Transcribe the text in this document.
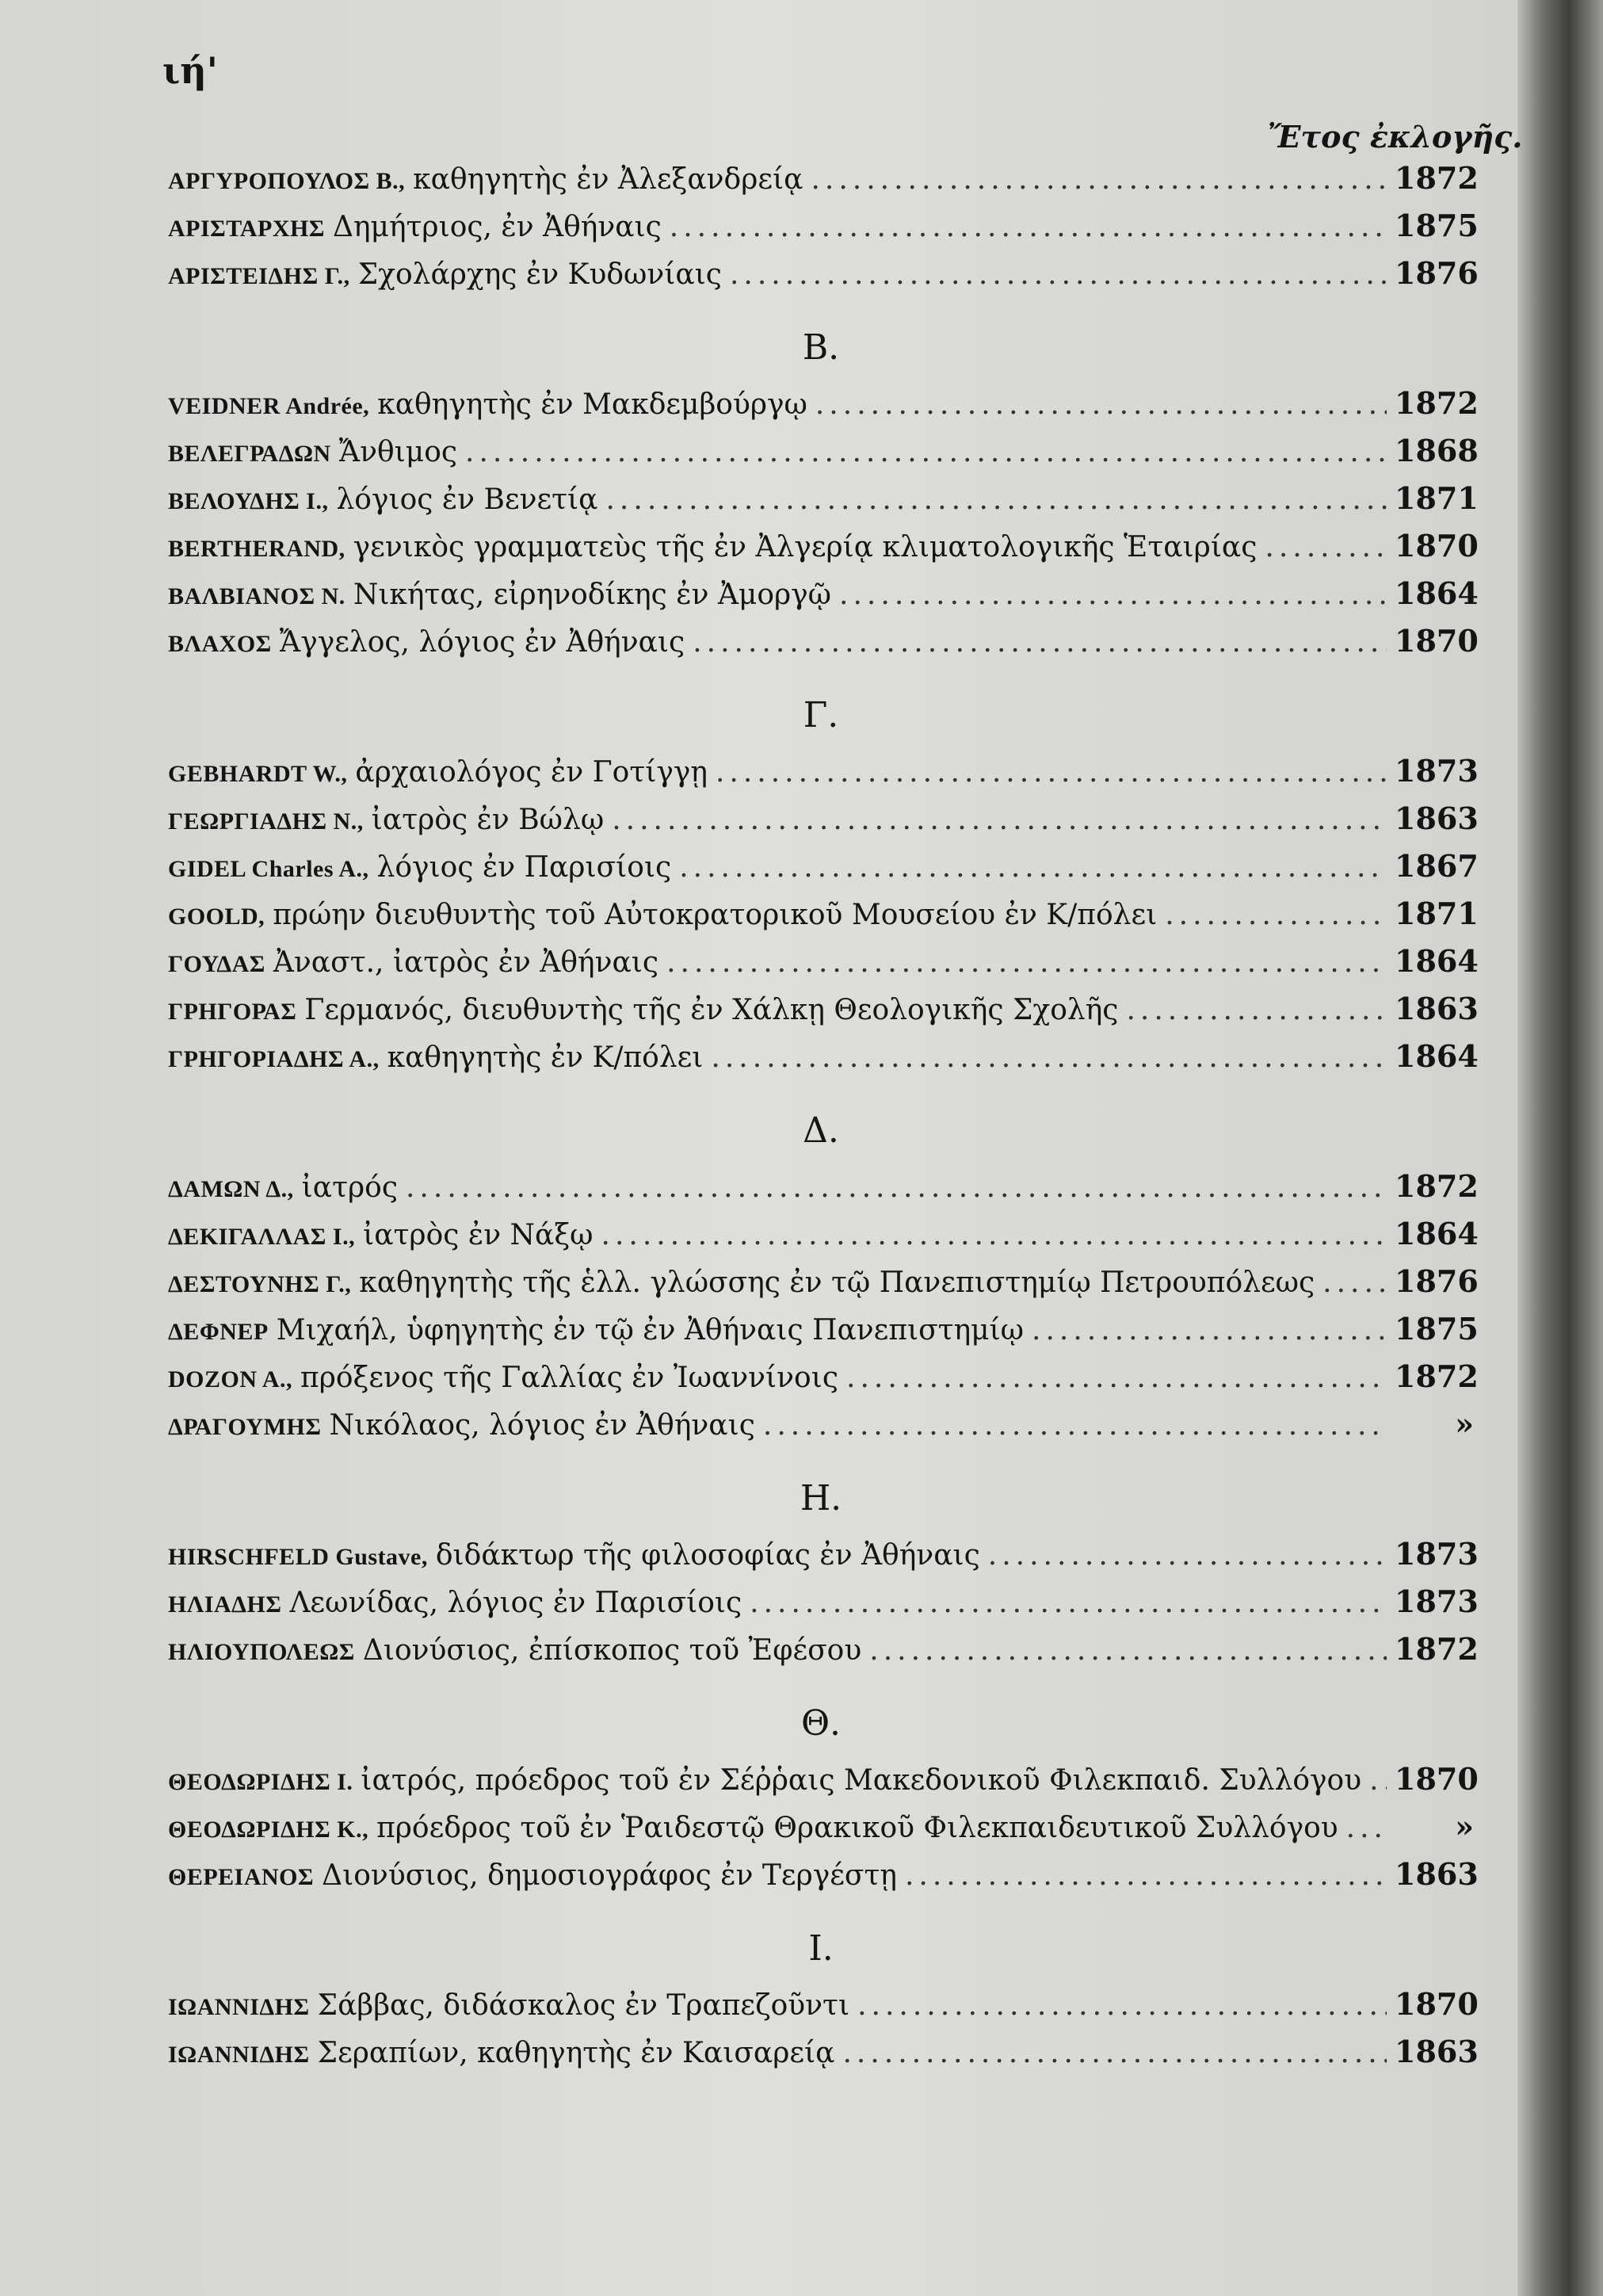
ιή'
Ἔτος ἐκλογῆς.
ΑΡΓΥΡΟΠΟΥΛΟΣ Β., καθηγητὴς ἐν Ἀλεξανδρείᾳ .....	1872
ΑΡΙΣΤΑΡΧΗΣ Δημήτριος, ἐν Ἀθήναις .....	1875
ΑΡΙΣΤΕΙΔΗΣ Γ., Σχολάρχης ἐν Κυδωνίαις .....	1876
Β.
VEIDNER Andrée, καθηγητὴς ἐν Μακδεμβούργῳ .....	1872
ΒΕΛΕΓΡΑΔΩΝ Ἄνθιμος .....	1868
ΒΕΛΟΥΔΗΣ Ι., λόγιος ἐν Βενετίᾳ .....	1871
BERTHERAND, γενικὸς γραμματεὺς τῆς ἐν Ἀλγερίᾳ κλιματολογικῆς Ἑταιρίας .....	1870
ΒΑΛΒΙΑΝΟΣ Ν. Νικήτας, εἰρηνοδίκης ἐν Ἀμοργῷ .....	1864
ΒΛΑΧΟΣ Ἄγγελος, λόγιος ἐν Ἀθήναις .....	1870
Γ.
GEBHARDT W., ἀρχαιολόγος ἐν Γοτίγγῃ .....	1873
ΓΕΩΡΓΙΑΔΗΣ Ν., ἰατρὸς ἐν Βώλῳ .....	1863
GIDEL Charles A., λόγιος ἐν Παρισίοις .....	1867
GOOLD, πρώην διευθυντὴς τοῦ Αὐτοκρατορικοῦ Μουσείου ἐν Κ/πόλει .....	1871
ΓΟΥΔΑΣ Ἀναστ., ἰατρὸς ἐν Ἀθήναις .....	1864
ΓΡΗΓΟΡΑΣ Γερμανός, διευθυντὴς τῆς ἐν Χάλκῃ Θεολογικῆς Σχολῆς .....	1863
ΓΡΗΓΟΡΙΑΔΗΣ Α., καθηγητὴς ἐν Κ/πόλει .....	1864
Δ.
ΔΑΜΩΝ Δ., ἰατρός .....	1872
ΔΕΚΙΓΑΛΛΑΣ Ι., ἰατρὸς ἐν Νάξῳ .....	1864
ΔΕΣΤΟΥΝΗΣ Γ., καθηγητὴς τῆς ἑλλ. γλώσσης ἐν τῷ Πανεπιστημίῳ Πετρουπόλεως .....	1876
ΔΕΦΝΕΡ Μιχαήλ, ὑφηγητὴς ἐν τῷ ἐν Ἀθήναις Πανεπιστημίῳ .....	1875
DOZON A., πρόξενος τῆς Γαλλίας ἐν Ἰωαννίνοις .....	1872
ΔΡΑΓΟΥΜΗΣ Νικόλαος, λόγιος ἐν Ἀθήναις .....	»
Η.
HIRSCHFELD Gustave, διδάκτωρ τῆς φιλοσοφίας ἐν Ἀθήναις .....	1873
ΗΛΙΑΔΗΣ Λεωνίδας, λόγιος ἐν Παρισίοις .....	1873
ΗΛΙΟΥΠΟΛΕΩΣ Διονύσιος, ἐπίσκοπος τοῦ Ἐφέσου .....	1872
Θ.
ΘΕΟΔΩΡΙΔΗΣ Ι. ἰατρός, πρόεδρος τοῦ ἐν Σέῤῥαις Μακεδονικοῦ Φιλεκπαιδ. Συλλόγου ..... 1870
ΘΕΟΔΩΡΙΔΗΣ Κ., πρόεδρος τοῦ ἐν Ῥαιδεστῷ Θρακικοῦ Φιλεκπαιδευτικοῦ Συλλόγου .....	»
ΘΕΡΕΙΑΝΟΣ Διονύσιος, δημοσιογράφος ἐν Τεργέστῃ .....	1863
Ι.
ΙΩΑΝΝΙΔΗΣ Σάββας, διδάσκαλος ἐν Τραπεζοῦντι .....	1870
ΙΩΑΝΝΙΔΗΣ Σεραπίων, καθηγητὴς ἐν Καισαρείᾳ .....	1863
